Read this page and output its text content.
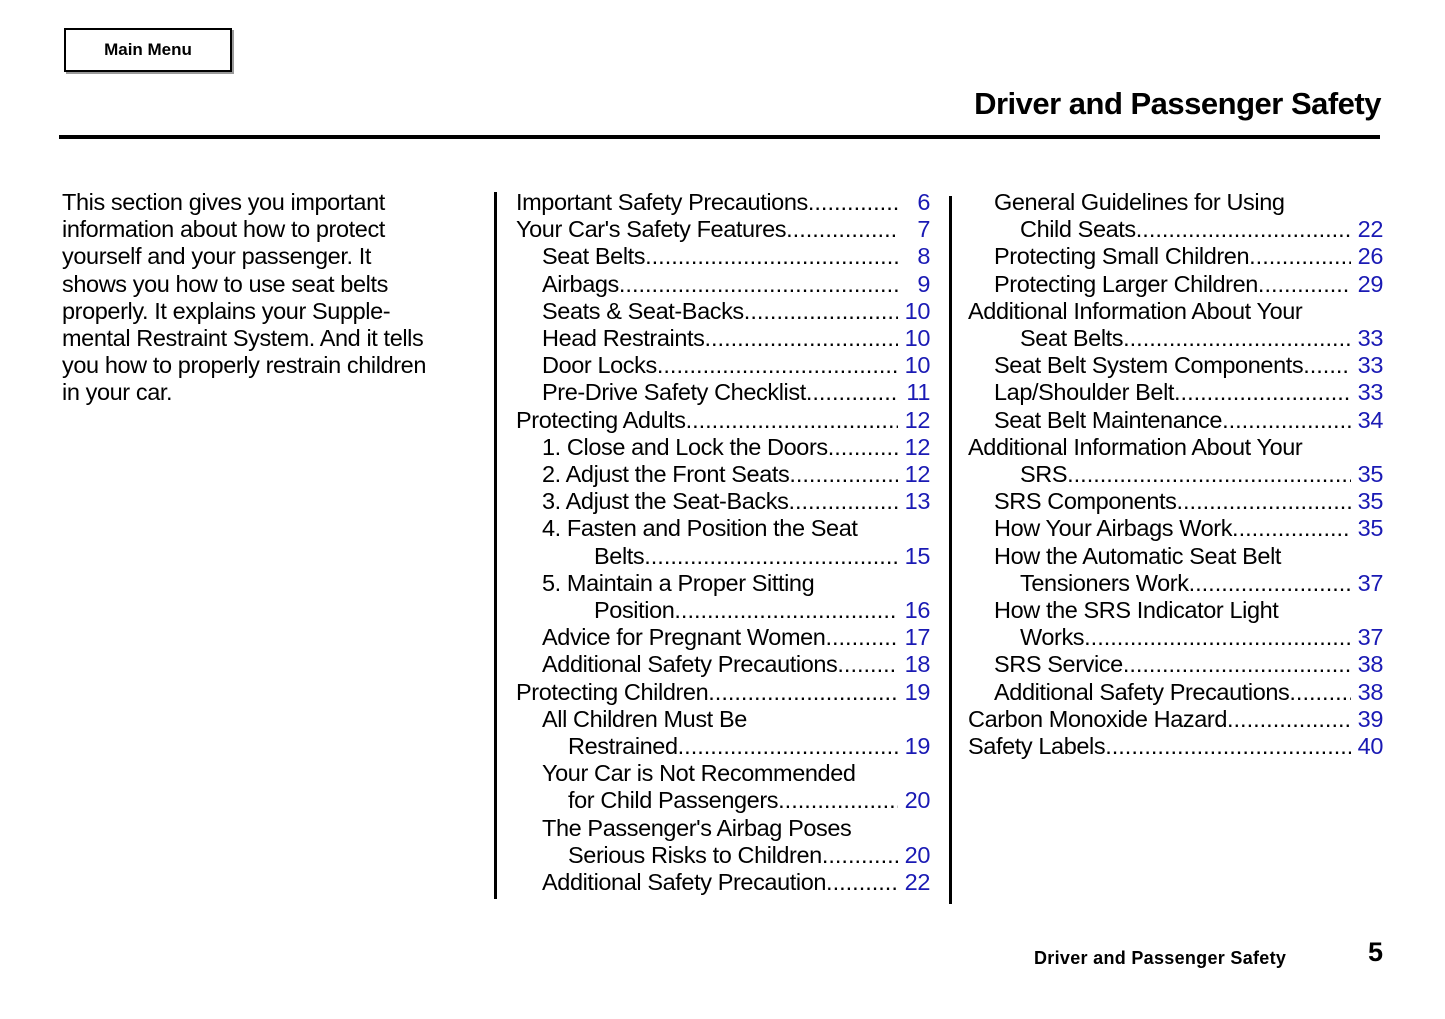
Main Menu
Driver and Passenger Safety

This section gives you important

information about how to protect

yourself and your passenger. It

shows you how to use seat belts

properly. It explains your Supple-

mental Restraint System. And it tells

you how to properly restrain children

in your car.

Important Safety Precautions .....	6
Your Car's Safety Features .....	7
Seat Belts .....	8
Airbags .....	9
Seats & Seat-Backs .....	10
Head Restraints .....	10
Door Locks .....	10
Pre-Drive Safety Checklist .....	11
Protecting Adults .....	12
1. Close and Lock the Doors .....	12
2. Adjust the Front Seats .....	12
3. Adjust the Seat-Backs .....	13
4. Fasten and Position the Seat
Belts .....	15
5. Maintain a Proper Sitting
Position .....	16
Advice for Pregnant Women .....	17
Additional Safety Precautions .....	18
Protecting Children .....	19
All Children Must Be
Restrained .....	19
Your Car is Not Recommended
for Child Passengers .....	20
The Passenger's Airbag Poses
Serious Risks to Children .....	20
Additional Safety Precaution .....	22
General Guidelines for Using
Child Seats .....	22
Protecting Small Children .....	26
Protecting Larger Children .....	29
Additional Information About Your
Seat Belts .....	33
Seat Belt System Components ..... 33
Lap/Shoulder Belt .....	33
Seat Belt Maintenance .....	34
Additional Information About Your
SRS .....	35
SRS Components .....	35
How Your Airbags Work .....	35
How the Automatic Seat Belt
Tensioners Work .....	37
How the SRS Indicator Light
Works .....	37
SRS Service .....	38
Additional Safety Precautions .....	38
Carbon Monoxide Hazard .....	39
Safety Labels .....	40
Driver and Passenger Safety	5
